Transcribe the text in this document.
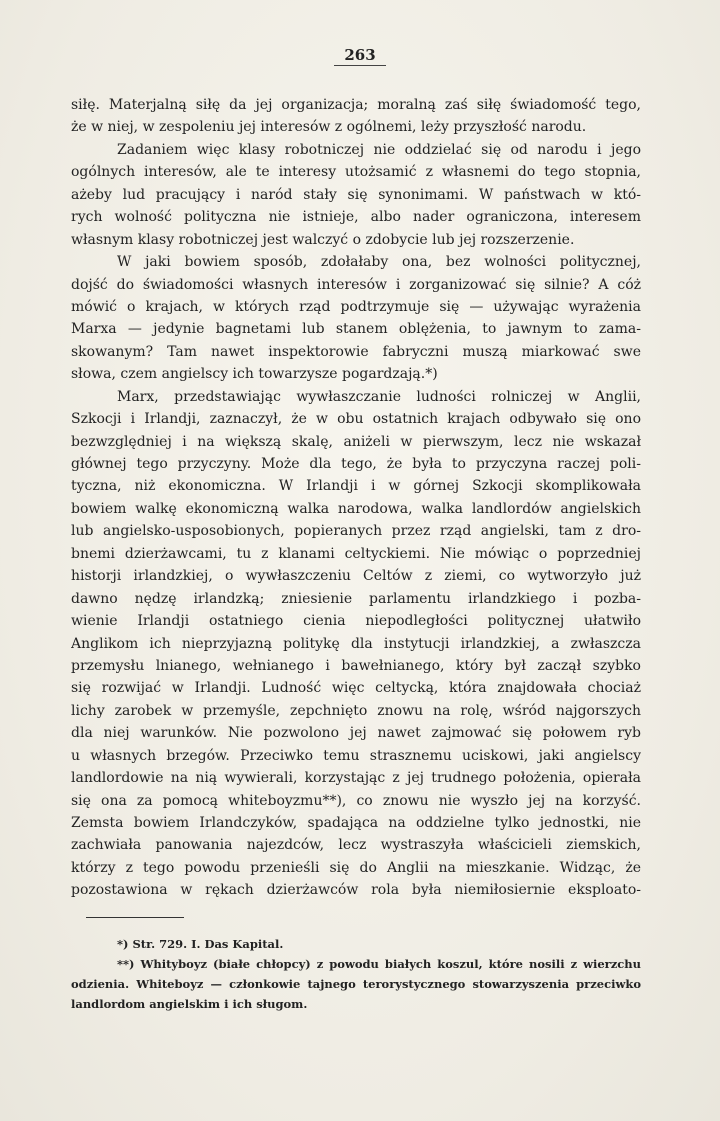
263
siłę. Materjalną siłę da jej organizacja; moralną zaś siłę świadomość tego,
że w niej, w zespoleniu jej interesów z ogólnemi, leży przyszłość narodu.
Zadaniem więc klasy robotniczej nie oddzielać się od narodu i jego
ogólnych interesów, ale te interesy utożsamić z własnemi do tego stopnia,
ażeby lud pracujący i naród stały się synonimami. W państwach w któ-
rych wolność polityczna nie istnieje, albo nader ograniczona, interesem
własnym klasy robotniczej jest walczyć o zdobycie lub jej rozszerzenie.
W jaki bowiem sposób, zdołałaby ona, bez wolności politycznej,
dojść do świadomości własnych interesów i zorganizować się silnie? A cóż
mówić o krajach, w których rząd podtrzymuje się — używając wyrażenia
Marxa — jedynie bagnetami lub stanem oblężenia, to jawnym to zama-
skowanym? Tam nawet inspektorowie fabryczni muszą miarkować swe
słowa, czem angielscy ich towarzysze pogardzają.*)
Marx, przedstawiając wywłaszczanie ludności rolniczej w Anglii,
Szkocji i Irlandji, zaznaczył, że w obu ostatnich krajach odbywało się ono
bezwzględniej i na większą skalę, aniżeli w pierwszym, lecz nie wskazał
głównej tego przyczyny. Może dla tego, że była to przyczyna raczej poli-
tyczna, niż ekonomiczna. W Irlandji i w górnej Szkocji skomplikowała
bowiem walkę ekonomiczną walka narodowa, walka landlordów angielskich
lub angielsko-usposobionych, popieranych przez rząd angielski, tam z dro-
bnemi dzierżawcami, tu z klanami celtyckiemi. Nie mówiąc o poprzedniej
historji irlandzkiej, o wywłaszczeniu Celtów z ziemi, co wytworzyło już
dawno nędzę irlandzką; zniesienie parlamentu irlandzkiego i pozba-
wienie Irlandji ostatniego cienia niepodległości politycznej ułatwiło
Anglikom ich nieprzyjazną politykę dla instytucji irlandzkiej, a zwłaszcza
przemysłu lnianego, wełnianego i bawełnianego, który był zaczął szybko
się rozwijać w Irlandji. Ludność więc celtycką, która znajdowała chociaż
lichy zarobek w przemyśle, zepchnięto znowu na rolę, wśród najgorszych
dla niej warunków. Nie pozwolono jej nawet zajmować się połowem ryb
u własnych brzegów. Przeciwko temu strasznemu uciskowi, jaki angielscy
landlordowie na nią wywierali, korzystając z jej trudnego położenia, opierała
się ona za pomocą whiteboyzmu**), co znowu nie wyszło jej na korzyść.
Zemsta bowiem Irlandczyków, spadająca na oddzielne tylko jednostki, nie
zachwiała panowania najezdców, lecz wystraszyła właścicieli ziemskich,
którzy z tego powodu przenieśli się do Anglii na mieszkanie. Widząc, że
pozostawiona w rękach dzierżawców rola była niemiłosiernie eksploato-
*) Str. 729. I. Das Kapital.
**) Whityboyz (białe chłopcy) z powodu białych koszul, które nosili z wierzchu
odzienia. Whiteboyz — członkowie tajnego terorystycznego stowarzyszenia przeciwko
landlordom angielskim i ich sługom.
